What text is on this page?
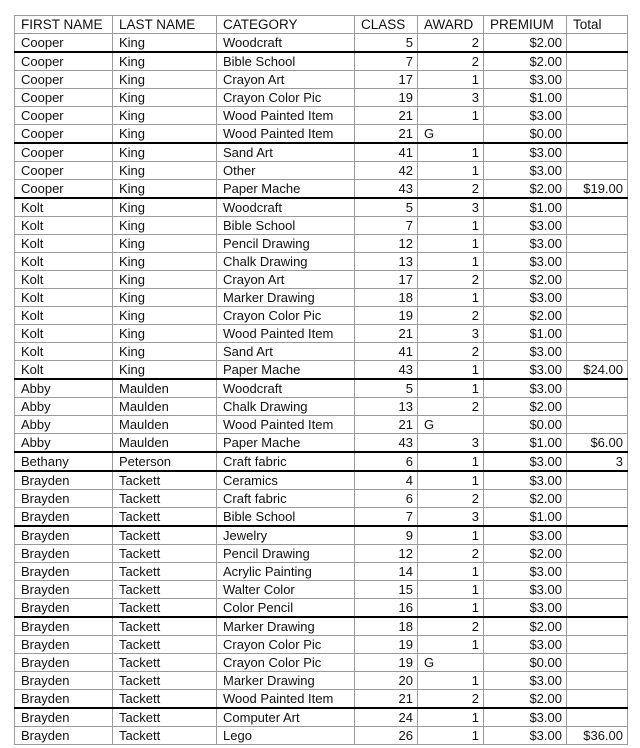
FIRST NAME	LAST NAME	CATEGORY	CLASS	AWARD	PREMIUM	Total
Cooper	King	Woodcraft	5	2	$2.00	
Cooper	King	Bible School	7	2	$2.00	
Cooper	King	Crayon Art	17	1	$3.00	
Cooper	King	Crayon Color Pic	19	3	$1.00	
Cooper	King	Wood Painted Item	21	1	$3.00	
Cooper	King	Wood Painted Item	21	G	$0.00	
Cooper	King	Sand Art	41	1	$3.00	
Cooper	King	Other	42	1	$3.00	
Cooper	King	Paper Mache	43	2	$2.00	$19.00
Kolt	King	Woodcraft	5	3	$1.00	
Kolt	King	Bible School	7	1	$3.00	
Kolt	King	Pencil Drawing	12	1	$3.00	
Kolt	King	Chalk Drawing	13	1	$3.00	
Kolt	King	Crayon Art	17	2	$2.00	
Kolt	King	Marker Drawing	18	1	$3.00	
Kolt	King	Crayon Color Pic	19	2	$2.00	
Kolt	King	Wood Painted Item	21	3	$1.00	
Kolt	King	Sand Art	41	2	$3.00	
Kolt	King	Paper Mache	43	1	$3.00	$24.00
Abby	Maulden	Woodcraft	5	1	$3.00	
Abby	Maulden	Chalk Drawing	13	2	$2.00	
Abby	Maulden	Wood Painted Item	21	G	$0.00	
Abby	Maulden	Paper Mache	43	3	$1.00	$6.00
Bethany	Peterson	Craft fabric	6	1	$3.00	3
Brayden	Tackett	Ceramics	4	1	$3.00	
Brayden	Tackett	Craft fabric	6	2	$2.00	
Brayden	Tackett	Bible School	7	3	$1.00	
Brayden	Tackett	Jewelry	9	1	$3.00	
Brayden	Tackett	Pencil Drawing	12	2	$2.00	
Brayden	Tackett	Acrylic Painting	14	1	$3.00	
Brayden	Tackett	Walter Color	15	1	$3.00	
Brayden	Tackett	Color Pencil	16	1	$3.00	
Brayden	Tackett	Marker Drawing	18	2	$2.00	
Brayden	Tackett	Crayon Color Pic	19	1	$3.00	
Brayden	Tackett	Crayon Color Pic	19	G	$0.00	
Brayden	Tackett	Marker Drawing	20	1	$3.00	
Brayden	Tackett	Wood Painted Item	21	2	$2.00	
Brayden	Tackett	Computer Art	24	1	$3.00	
Brayden	Tackett	Lego	26	1	$3.00	$36.00
